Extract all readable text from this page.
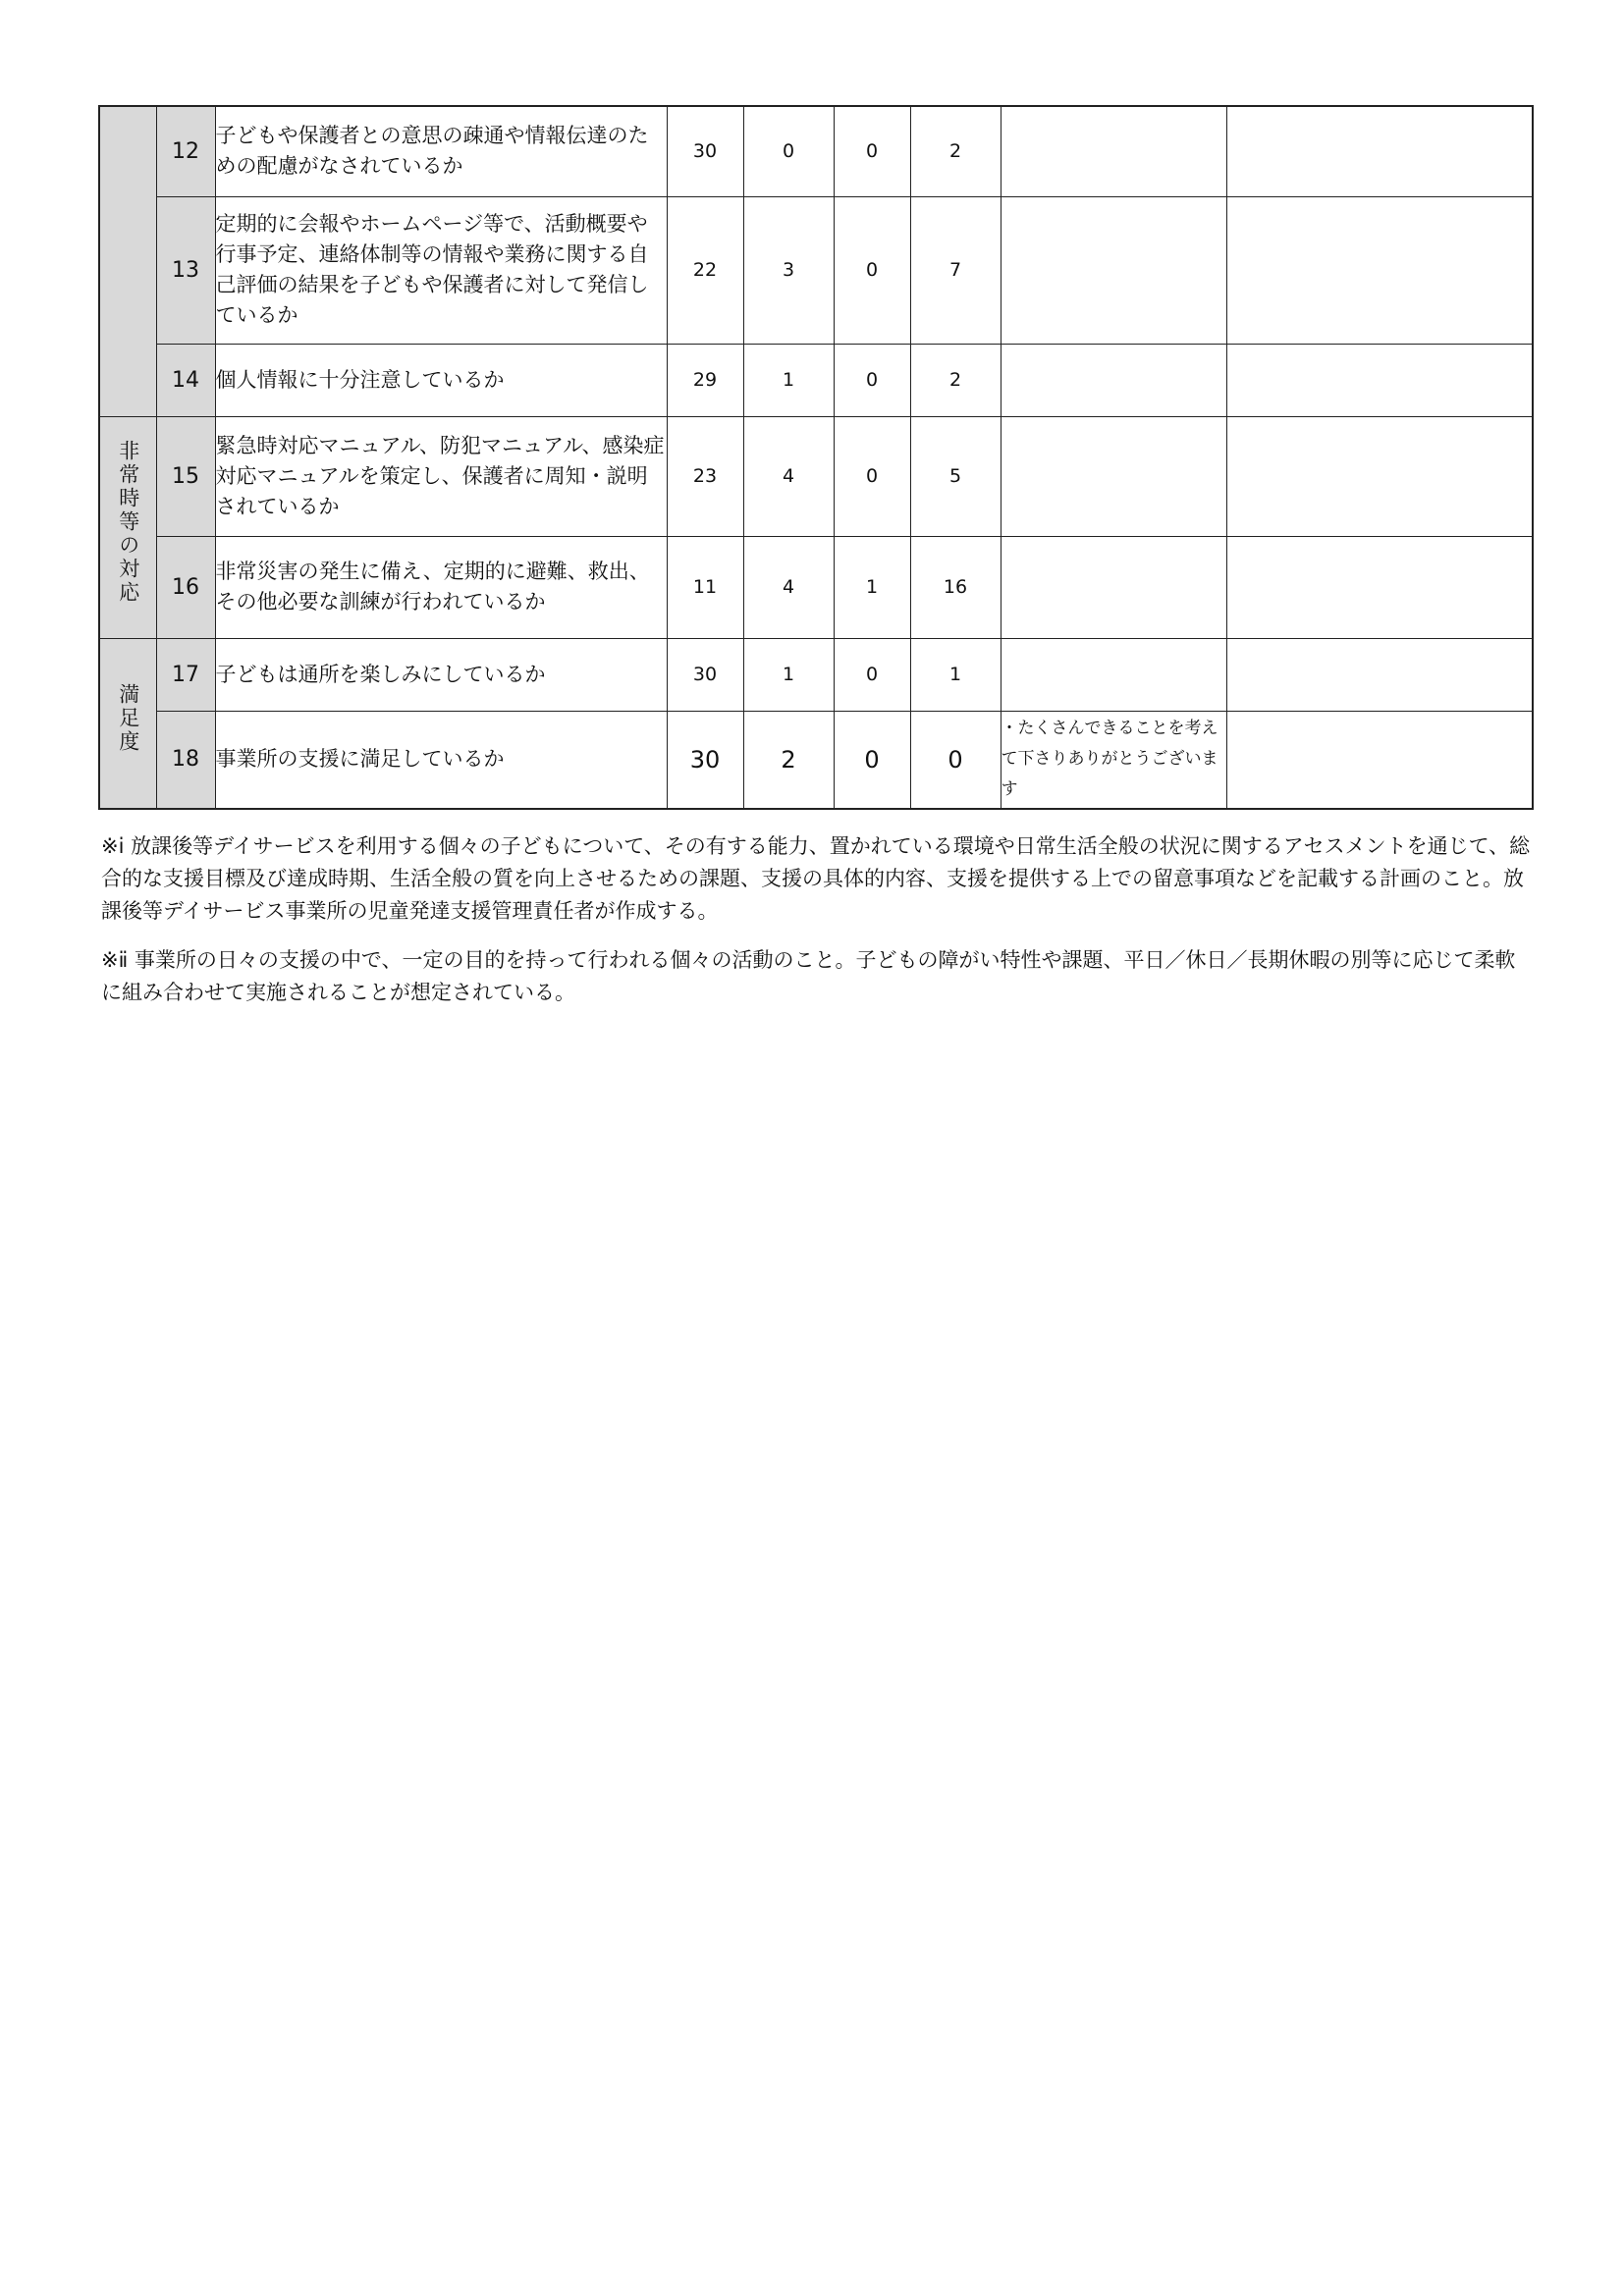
	12	子どもや保護者との意思の疎通や情報伝達のための配慮がなされているか	30	0	0	2		
	13	定期的に会報やホームページ等で、活動概要や行事予定、連絡体制等の情報や業務に関する自己評価の結果を子どもや保護者に対して発信しているか	22	3	0	7		
	14	個人情報に十分注意しているか	29	1	0	2		
非常時等の対応	15	緊急時対応マニュアル、防犯マニュアル、感染症対応マニュアルを策定し、保護者に周知・説明されているか	23	4	0	5		
	16	非常災害の発生に備え、定期的に避難、救出、その他必要な訓練が行われているか	11	4	1	16		
満足度	17	子どもは通所を楽しみにしているか	30	1	0	1		
	18	事業所の支援に満足しているか	30	2	0	0	・たくさんできることを考えて下さりありがとうございます	
※ⅰ 放課後等デイサービスを利用する個々の子どもについて、その有する能力、置かれている環境や日常生活全般の状況に関するアセスメントを通じて、総合的な支援目標及び達成時期、生活全般の質を向上させるための課題、支援の具体的内容、支援を提供する上での留意事項などを記載する計画のこと。放課後等デイサービス事業所の児童発達支援管理責任者が作成する。
※ⅱ 事業所の日々の支援の中で、一定の目的を持って行われる個々の活動のこと。子どもの障がい特性や課題、平日／休日／長期休暇の別等に応じて柔軟に組み合わせて実施されることが想定されている。
